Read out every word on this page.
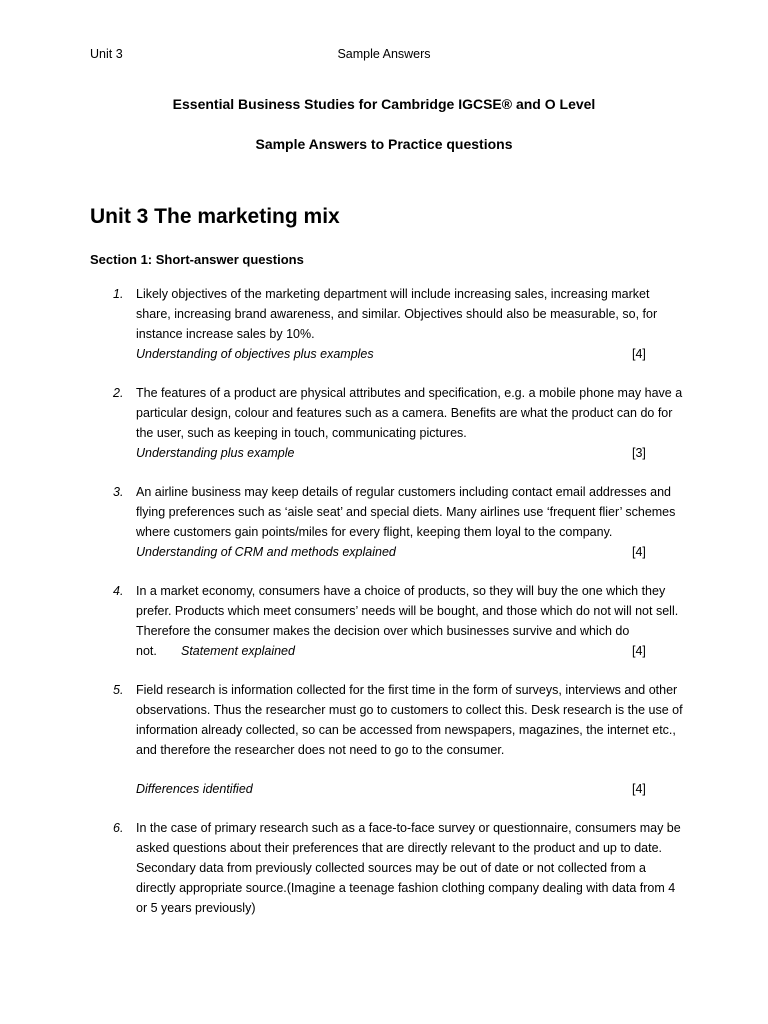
Unit 3	Sample Answers
Essential Business Studies for Cambridge IGCSE® and O Level
Sample Answers to Practice questions
Unit 3 The marketing mix
Section 1: Short-answer questions
1. Likely objectives of the marketing department will include increasing sales, increasing market share, increasing brand awareness, and similar. Objectives should also be measurable, so, for instance increase sales by 10%.
Understanding of objectives plus examples	[4]
2. The features of a product are physical attributes and specification, e.g. a mobile phone may have a particular design, colour and features such as a camera. Benefits are what the product can do for the user, such as keeping in touch, communicating pictures.
Understanding plus example	[3]
3. An airline business may keep details of regular customers including contact email addresses and flying preferences such as ‘aisle seat’ and special diets. Many airlines use ‘frequent flier’ schemes where customers gain points/miles for every flight, keeping them loyal to the company.
Understanding of CRM and methods explained	[4]
4. In a market economy, consumers have a choice of products, so they will buy the one which they prefer. Products which meet consumers’ needs will be bought, and those which do not will not sell. Therefore the consumer makes the decision over which businesses survive and which do
not. Statement explained	[4]
5. Field research is information collected for the first time in the form of surveys, interviews and other observations. Thus the researcher must go to customers to collect this. Desk research is the use of information already collected, so can be accessed from newspapers, magazines, the internet etc., and therefore the researcher does not need to go to the consumer.
Differences identified	[4]
6. In the case of primary research such as a face-to-face survey or questionnaire, consumers may be asked questions about their preferences that are directly relevant to the product and up to date. Secondary data from previously collected sources may be out of date or not collected from a directly appropriate source.(Imagine a teenage fashion clothing company dealing with data from 4 or 5 years previously)
